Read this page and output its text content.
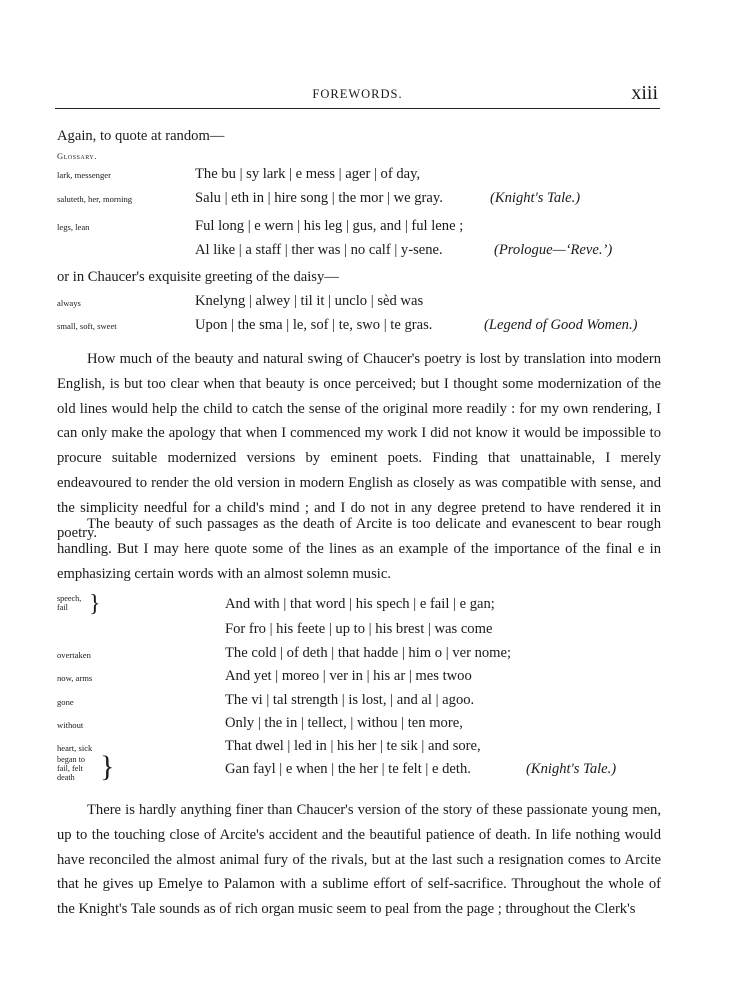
FOREWORDS.	xiii
Again, to quote at random—
Glossary.
lark, messenger	The bu | sy lark | e mess | ager | of day,
saluteth, her, morning	Salu | eth in | hire song | the mor | we gray.	(Knight's Tale.)
legs, lean	Ful long | e wern | his leg | gus, and | ful lene ;
Al like | a staff | ther was | no calf | y-sene.	(Prologue—‘Reve.’)
or in Chaucer's exquisite greeting of the daisy—
always	Knelyng | alwey | til it | unclo | sèd was
small, soft, sweet	Upon | the sma | le, sof | te, swo | te gras.	(Legend of Good Women.)

How much of the beauty and natural swing of Chaucer's poetry is lost by translation into modern English, is but too clear when that beauty is once perceived; but I thought some modernization of the old lines would help the child to catch the sense of the original more readily : for my own rendering, I can only make the apology that when I commenced my work I did not know it would be impossible to procure suitable modernized versions by eminent poets. Finding that unattainable, I merely endeavoured to render the old version in modern English as closely as was compatible with sense, and the simplicity needful for a child's mind ; and I do not in any degree pretend to have rendered it in poetry.

The beauty of such passages as the death of Arcite is too delicate and evanescent to bear rough handling. But I may here quote some of the lines as an example of the importance of the final e in emphasizing certain words with an almost solemn music.

speech,
fail }	And with | that word | his spech | e fail | e gan;
For fro | his feete | up to | his brest | was come
overtaken	The cold | of deth | that hadde | him o | ver nome;
now, arms	And yet | moreo | ver in | his ar | mes twoo
gone	The vi | tal strength | is lost, | and al | agoo.
without	Only | the in | tellect, | withou | ten more,
heart, sick	That dwel | led in | his her | te sik | and sore,
began to
fail, felt
death }	Gan fayl | e when | the her | te felt | e deth.	(Knight's Tale.)

There is hardly anything finer than Chaucer's version of the story of these passionate young men, up to the touching close of Arcite's accident and the beautiful patience of death. In life nothing would have reconciled the almost animal fury of the rivals, but at the last such a resignation comes to Arcite that he gives up Emelye to Palamon with a sublime effort of self-sacrifice. Throughout the whole of the Knight's Tale sounds as of rich organ music seem to peal from the page ; throughout the Clerk's
